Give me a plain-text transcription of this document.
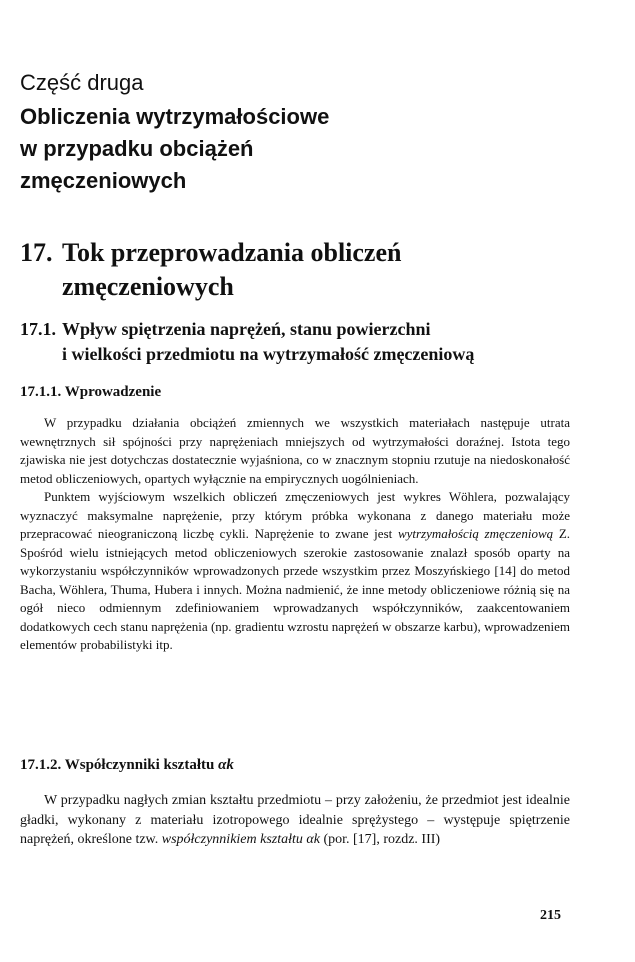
Część druga
Obliczenia wytrzymałościowe
w przypadku obciążeń
zmęczeniowych
17. Tok przeprowadzania obliczeń
zmęczeniowych
17.1. Wpływ spiętrzenia naprężeń, stanu powierzchni
i wielkości przedmiotu na wytrzymałość zmęczeniową
17.1.1. Wprowadzenie

W przypadku działania obciążeń zmiennych we wszystkich materiałach następuje utrata wewnętrznych sił spójności przy naprężeniach mniejszych od wytrzymałości doraźnej. Istota tego zjawiska nie jest dotychczas dostatecznie wyjaśniona, co w znacznym stopniu rzutuje na niedoskonałość metod obliczeniowych, opartych wyłącznie na empirycznych uogólnieniach.

Punktem wyjściowym wszelkich obliczeń zmęczeniowych jest wykres Wöhlera, pozwalający wyznaczyć maksymalne naprężenie, przy którym próbka wykonana z danego materiału może przepracować nieograniczoną liczbę cykli. Naprężenie to zwane jest wytrzymałością zmęczeniową Z. Spośród wielu istniejących metod obliczeniowych szerokie zastosowanie znalazł sposób oparty na wykorzystaniu współczynników wprowadzonych przede wszystkim przez Moszyńskiego [14] do metod Bacha, Wöhlera, Thuma, Hubera i innych. Można nadmienić, że inne metody obliczeniowe różnią się na ogół nieco odmiennym zdefiniowaniem wprowadzanych współczynników, zaakcentowaniem dodatkowych cech stanu naprężenia (np. gradientu wzrostu naprężeń w obszarze karbu), wprowadzeniem elementów probabilistyki itp.

17.1.2. Współczynniki kształtu αk

W przypadku nagłych zmian kształtu przedmiotu – przy założeniu, że przedmiot jest idealnie gładki, wykonany z materiału izotropowego idealnie sprężystego – występuje spiętrzenie naprężeń, określone tzw. współczynnikiem kształtu αk (por. [17], rozdz. III)

215
